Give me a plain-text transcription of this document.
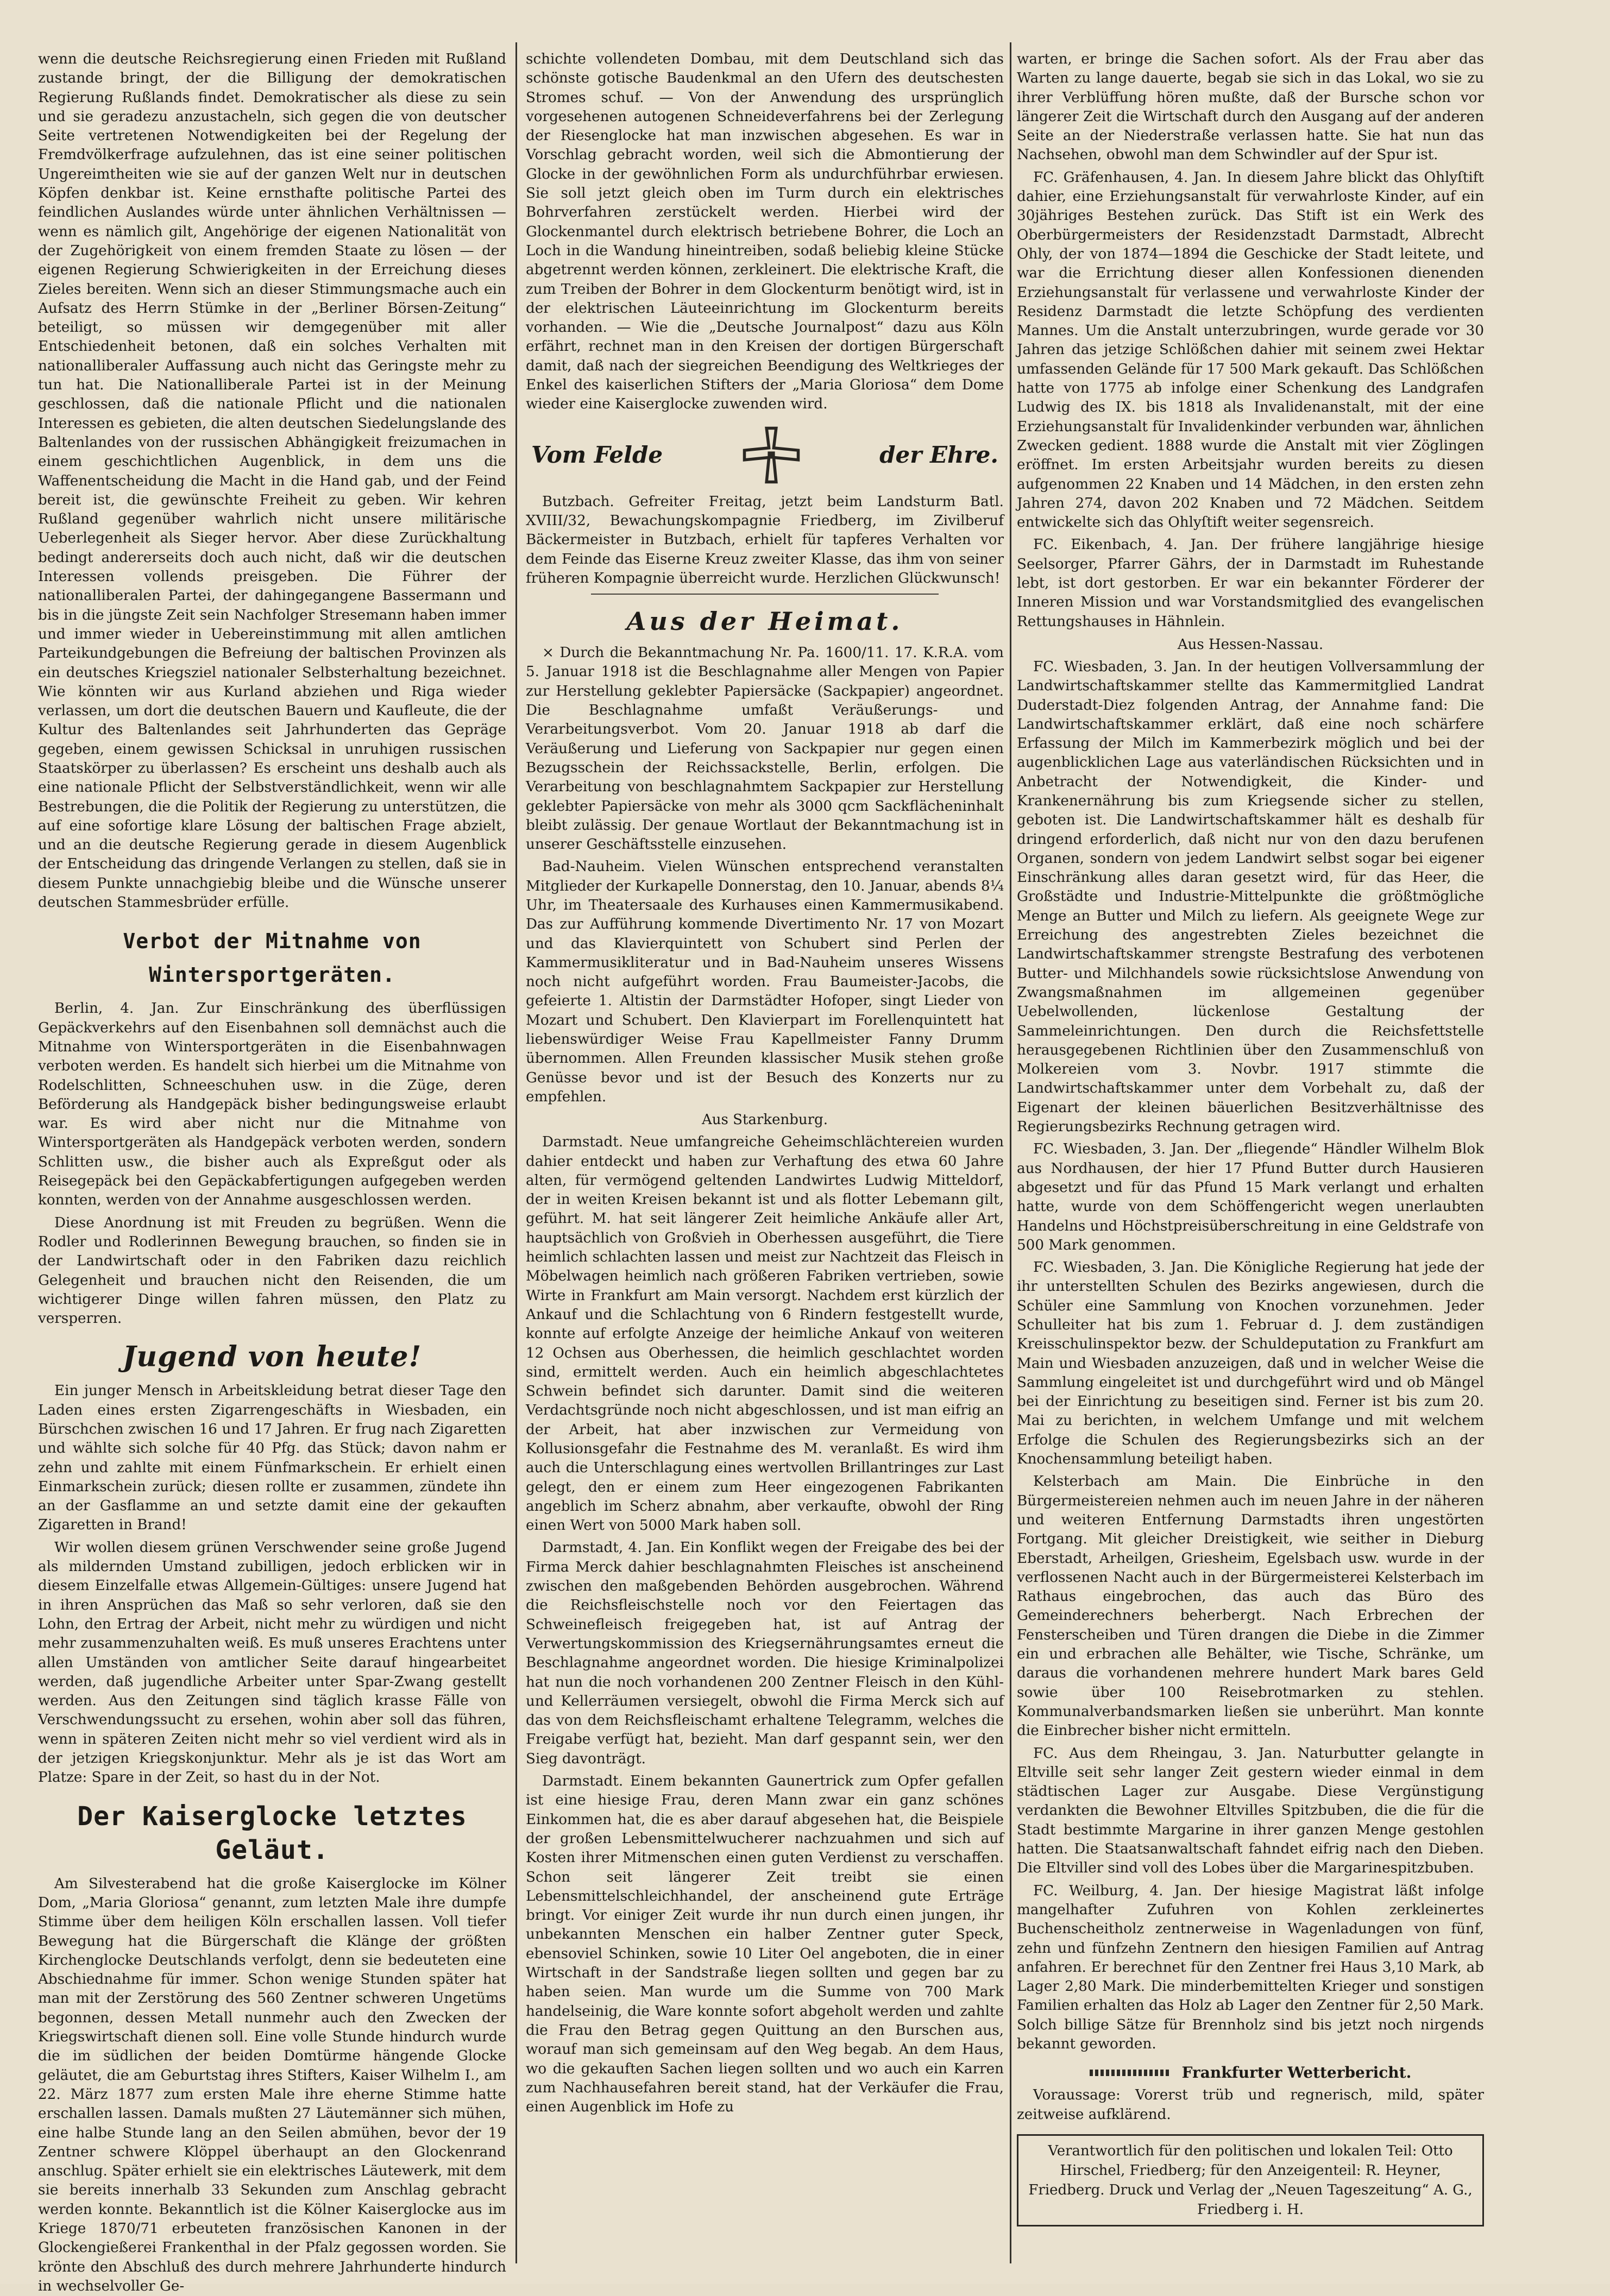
wenn die deutsche Reichsregierung einen Frieden mit Rußland zustande bringt, der die Billigung der demokratischen Regierung Rußlands findet. Demokratischer als diese zu sein und sie geradezu anzustacheln, sich gegen die von deutscher Seite vertretenen Notwendigkeiten bei der Regelung der Fremdvölkerfrage aufzulehnen, das ist eine seiner politischen Ungereimtheiten wie sie auf der ganzen Welt nur in deutschen Köpfen denkbar ist. Keine ernsthafte politische Partei des feindlichen Auslandes würde unter ähnlichen Verhältnissen — wenn es nämlich gilt, Angehörige der eigenen Nationalität von der Zugehörigkeit von einem fremden Staate zu lösen — der eigenen Regierung Schwierigkeiten in der Erreichung dieses Zieles bereiten. Wenn sich an dieser Stimmungsmache auch ein Aufsatz des Herrn Stümke in der „Berliner Börsen-Zeitung“ beteiligt, so müssen wir demgegenüber mit aller Entschiedenheit betonen, daß ein solches Verhalten mit nationalliberaler Auffassung auch nicht das Geringste mehr zu tun hat. Die Nationalliberale Partei ist in der Meinung geschlossen, daß die nationale Pflicht und die nationalen Interessen es gebieten, die alten deutschen Siedelungslande des Baltenlandes von der russischen Abhängigkeit freizumachen in einem geschichtlichen Augenblick, in dem uns die Waffenentscheidung die Macht in die Hand gab, und der Feind bereit ist, die gewünschte Freiheit zu geben. Wir kehren Rußland gegenüber wahrlich nicht unsere militärische Ueberlegenheit als Sieger hervor. Aber diese Zurückhaltung bedingt andererseits doch auch nicht, daß wir die deutschen Interessen vollends preisgeben. Die Führer der nationalliberalen Partei, der dahingegangene Bassermann und bis in die jüngste Zeit sein Nachfolger Stresemann haben immer und immer wieder in Uebereinstimmung mit allen amtlichen Parteikundgebungen die Befreiung der baltischen Provinzen als ein deutsches Kriegsziel nationaler Selbsterhaltung bezeichnet. Wie könnten wir aus Kurland abziehen und Riga wieder verlassen, um dort die deutschen Bauern und Kaufleute, die der Kultur des Baltenlandes seit Jahrhunderten das Gepräge gegeben, einem gewissen Schicksal in unruhigen russischen Staatskörper zu überlassen? Es erscheint uns deshalb auch als eine nationale Pflicht der Selbstverständlichkeit, wenn wir alle Bestrebungen, die die Politik der Regierung zu unterstützen, die auf eine sofortige klare Lösung der baltischen Frage abzielt, und an die deutsche Regierung gerade in diesem Augenblick der Entscheidung das dringende Verlangen zu stellen, daß sie in diesem Punkte unnachgiebig bleibe und die Wünsche unserer deutschen Stammesbrüder erfülle.

Verbot der Mitnahme von Wintersportgeräten.

Berlin, 4. Jan. Zur Einschränkung des überflüssigen Gepäckverkehrs auf den Eisenbahnen soll demnächst auch die Mitnahme von Wintersportgeräten in die Eisenbahnwagen verboten werden. Es handelt sich hierbei um die Mitnahme von Rodelschlitten, Schneeschuhen usw. in die Züge, deren Beförderung als Handgepäck bisher bedingungsweise erlaubt war. Es wird aber nicht nur die Mitnahme von Wintersportgeräten als Handgepäck verboten werden, sondern Schlitten usw., die bisher auch als Expreßgut oder als Reisegepäck bei den Gepäckabfertigungen aufgegeben werden konnten, werden von der Annahme ausgeschlossen werden.

Diese Anordnung ist mit Freuden zu begrüßen. Wenn die Rodler und Rodlerinnen Bewegung brauchen, so finden sie in der Landwirtschaft oder in den Fabriken dazu reichlich Gelegenheit und brauchen nicht den Reisenden, die um wichtigerer Dinge willen fahren müssen, den Platz zu versperren.

Jugend von heute!

Ein junger Mensch in Arbeitskleidung betrat dieser Tage den Laden eines ersten Zigarrengeschäfts in Wiesbaden, ein Bürschchen zwischen 16 und 17 Jahren. Er frug nach Zigaretten und wählte sich solche für 40 Pfg. das Stück; davon nahm er zehn und zahlte mit einem Fünfmarkschein. Er erhielt einen Einmarkschein zurück; diesen rollte er zusammen, zündete ihn an der Gasflamme an und setzte damit eine der gekauften Zigaretten in Brand!

Wir wollen diesem grünen Verschwender seine große Jugend als mildernden Umstand zubilligen, jedoch erblicken wir in diesem Einzelfalle etwas Allgemein-Gültiges: unsere Jugend hat in ihren Ansprüchen das Maß so sehr verloren, daß sie den Lohn, den Ertrag der Arbeit, nicht mehr zu würdigen und nicht mehr zusammenzuhalten weiß. Es muß unseres Erachtens unter allen Umständen von amtlicher Seite darauf hingearbeitet werden, daß jugendliche Arbeiter unter Spar-Zwang gestellt werden. Aus den Zeitungen sind täglich krasse Fälle von Verschwendungssucht zu ersehen, wohin aber soll das führen, wenn in späteren Zeiten nicht mehr so viel verdient wird als in der jetzigen Kriegskonjunktur. Mehr als je ist das Wort am Platze: Spare in der Zeit, so hast du in der Not.

Der Kaiserglocke letztes Geläut.

Am Silvesterabend hat die große Kaiserglocke im Kölner Dom, „Maria Gloriosa“ genannt, zum letzten Male ihre dumpfe Stimme über dem heiligen Köln erschallen lassen. Voll tiefer Bewegung hat die Bürgerschaft die Klänge der größten Kirchenglocke Deutschlands verfolgt, denn sie bedeuteten eine Abschiednahme für immer. Schon wenige Stunden später hat man mit der Zerstörung des 560 Zentner schweren Ungetüms begonnen, dessen Metall nunmehr auch den Zwecken der Kriegswirtschaft dienen soll. Eine volle Stunde hindurch wurde die im südlichen der beiden Domtürme hängende Glocke geläutet, die am Geburtstag ihres Stifters, Kaiser Wilhelm I., am 22. März 1877 zum ersten Male ihre eherne Stimme hatte erschallen lassen. Damals mußten 27 Läutemänner sich mühen, eine halbe Stunde lang an den Seilen abmühen, bevor der 19 Zentner schwere Klöppel überhaupt an den Glockenrand anschlug. Später erhielt sie ein elektrisches Läutewerk, mit dem sie bereits innerhalb 33 Sekunden zum Anschlag gebracht werden konnte. Bekanntlich ist die Kölner Kaiserglocke aus im Kriege 1870/71 erbeuteten französischen Kanonen in der Glockengießerei Frankenthal in der Pfalz gegossen worden. Sie krönte den Abschluß des durch mehrere Jahrhunderte hindurch in wechselvoller Ge-

schichte vollendeten Dombau, mit dem Deutschland sich das schönste gotische Baudenkmal an den Ufern des deutschesten Stromes schuf. — Von der Anwendung des ursprünglich vorgesehenen autogenen Schneideverfahrens bei der Zerlegung der Riesenglocke hat man inzwischen abgesehen. Es war in Vorschlag gebracht worden, weil sich die Abmontierung der Glocke in der gewöhnlichen Form als undurchführbar erwiesen. Sie soll jetzt gleich oben im Turm durch ein elektrisches Bohrverfahren zerstückelt werden. Hierbei wird der Glockenmantel durch elektrisch betriebene Bohrer, die Loch an Loch in die Wandung hineintreiben, sodaß beliebig kleine Stücke abgetrennt werden können, zerkleinert. Die elektrische Kraft, die zum Treiben der Bohrer in dem Glockenturm benötigt wird, ist in der elektrischen Läuteeinrichtung im Glockenturm bereits vorhanden. — Wie die „Deutsche Journalpost“ dazu aus Köln erfährt, rechnet man in den Kreisen der dortigen Bürgerschaft damit, daß nach der siegreichen Beendigung des Weltkrieges der Enkel des kaiserlichen Stifters der „Maria Gloriosa“ dem Dome wieder eine Kaiserglocke zuwenden wird.

Vom Felde	der Ehre.

Butzbach. Gefreiter Freitag, jetzt beim Landsturm Batl. XVIII/32, Bewachungskompagnie Friedberg, im Zivilberuf Bäckermeister in Butzbach, erhielt für tapferes Verhalten vor dem Feinde das Eiserne Kreuz zweiter Klasse, das ihm von seiner früheren Kompagnie überreicht wurde. Herzlichen Glückwunsch!

Aus der Heimat.

× Durch die Bekanntmachung Nr. Pa. 1600/11. 17. K.R.A. vom 5. Januar 1918 ist die Beschlagnahme aller Mengen von Papier zur Herstellung geklebter Papiersäcke (Sackpapier) angeordnet. Die Beschlagnahme umfaßt Veräußerungs- und Verarbeitungsverbot. Vom 20. Januar 1918 ab darf die Veräußerung und Lieferung von Sackpapier nur gegen einen Bezugsschein der Reichssackstelle, Berlin, erfolgen. Die Verarbeitung von beschlagnahmtem Sackpapier zur Herstellung geklebter Papiersäcke von mehr als 3000 qcm Sackflächeninhalt bleibt zulässig. Der genaue Wortlaut der Bekanntmachung ist in unserer Geschäftsstelle einzusehen.

Bad-Nauheim. Vielen Wünschen entsprechend veranstalten Mitglieder der Kurkapelle Donnerstag, den 10. Januar, abends 8¼ Uhr, im Theatersaale des Kurhauses einen Kammermusikabend. Das zur Aufführung kommende Divertimento Nr. 17 von Mozart und das Klavierquintett von Schubert sind Perlen der Kammermusikliteratur und in Bad-Nauheim unseres Wissens noch nicht aufgeführt worden. Frau Baumeister-Jacobs, die gefeierte 1. Altistin der Darmstädter Hofoper, singt Lieder von Mozart und Schubert. Den Klavierpart im Forellenquintett hat liebenswürdiger Weise Frau Kapellmeister Fanny Drumm übernommen. Allen Freunden klassischer Musik stehen große Genüsse bevor und ist der Besuch des Konzerts nur zu empfehlen.

Aus Starkenburg.

Darmstadt. Neue umfangreiche Geheimschlächtereien wurden dahier entdeckt und haben zur Verhaftung des etwa 60 Jahre alten, für vermögend geltenden Landwirtes Ludwig Mitteldorf, der in weiten Kreisen bekannt ist und als flotter Lebemann gilt, geführt. M. hat seit längerer Zeit heimliche Ankäufe aller Art, hauptsächlich von Großvieh in Oberhessen ausgeführt, die Tiere heimlich schlachten lassen und meist zur Nachtzeit das Fleisch in Möbelwagen heimlich nach größeren Fabriken vertrieben, sowie Wirte in Frankfurt am Main versorgt. Nachdem erst kürzlich der Ankauf und die Schlachtung von 6 Rindern festgestellt wurde, konnte auf erfolgte Anzeige der heimliche Ankauf von weiteren 12 Ochsen aus Oberhessen, die heimlich geschlachtet worden sind, ermittelt werden. Auch ein heimlich abgeschlachtetes Schwein befindet sich darunter. Damit sind die weiteren Verdachtsgründe noch nicht abgeschlossen, und ist man eifrig an der Arbeit, hat aber inzwischen zur Vermeidung von Kollusionsgefahr die Festnahme des M. veranlaßt. Es wird ihm auch die Unterschlagung eines wertvollen Brillantringes zur Last gelegt, den er einem zum Heer eingezogenen Fabrikanten angeblich im Scherz abnahm, aber verkaufte, obwohl der Ring einen Wert von 5000 Mark haben soll.

Darmstadt, 4. Jan. Ein Konflikt wegen der Freigabe des bei der Firma Merck dahier beschlagnahmten Fleisches ist anscheinend zwischen den maßgebenden Behörden ausgebrochen. Während die Reichsfleischstelle noch vor den Feiertagen das Schweinefleisch freigegeben hat, ist auf Antrag der Verwertungskommission des Kriegsernährungsamtes erneut die Beschlagnahme angeordnet worden. Die hiesige Kriminalpolizei hat nun die noch vorhandenen 200 Zentner Fleisch in den Kühl- und Kellerräumen versiegelt, obwohl die Firma Merck sich auf das von dem Reichsfleischamt erhaltene Telegramm, welches die Freigabe verfügt hat, bezieht. Man darf gespannt sein, wer den Sieg davonträgt.

Darmstadt. Einem bekannten Gaunertrick zum Opfer gefallen ist eine hiesige Frau, deren Mann zwar ein ganz schönes Einkommen hat, die es aber darauf abgesehen hat, die Beispiele der großen Lebensmittelwucherer nachzuahmen und sich auf Kosten ihrer Mitmenschen einen guten Verdienst zu verschaffen. Schon seit längerer Zeit treibt sie einen Lebensmittelschleichhandel, der anscheinend gute Erträge bringt. Vor einiger Zeit wurde ihr nun durch einen jungen, ihr unbekannten Menschen ein halber Zentner guter Speck, ebensoviel Schinken, sowie 10 Liter Oel angeboten, die in einer Wirtschaft in der Sandstraße liegen sollten und gegen bar zu haben seien. Man wurde um die Summe von 700 Mark handelseinig, die Ware konnte sofort abgeholt werden und zahlte die Frau den Betrag gegen Quittung an den Burschen aus, worauf man sich gemeinsam auf den Weg begab. An dem Haus, wo die gekauften Sachen liegen sollten und wo auch ein Karren zum Nachhausefahren bereit stand, hat der Verkäufer die Frau, einen Augenblick im Hofe zu

warten, er bringe die Sachen sofort. Als der Frau aber das Warten zu lange dauerte, begab sie sich in das Lokal, wo sie zu ihrer Verblüffung hören mußte, daß der Bursche schon vor längerer Zeit die Wirtschaft durch den Ausgang auf der anderen Seite an der Niederstraße verlassen hatte. Sie hat nun das Nachsehen, obwohl man dem Schwindler auf der Spur ist.

FC. Gräfenhausen, 4. Jan. In diesem Jahre blickt das Ohlyſtift dahier, eine Erziehungsanstalt für verwahrloste Kinder, auf ein 30jähriges Bestehen zurück. Das Stift ist ein Werk des Oberbürgermeisters der Residenzstadt Darmstadt, Albrecht Ohly, der von 1874—1894 die Geschicke der Stadt leitete, und war die Errichtung dieser allen Konfessionen dienenden Erziehungsanstalt für verlassene und verwahrloste Kinder der Residenz Darmstadt die letzte Schöpfung des verdienten Mannes. Um die Anstalt unterzubringen, wurde gerade vor 30 Jahren das jetzige Schlößchen dahier mit seinem zwei Hektar umfassenden Gelände für 17 500 Mark gekauft. Das Schlößchen hatte von 1775 ab infolge einer Schenkung des Landgrafen Ludwig des IX. bis 1818 als Invalidenanstalt, mit der eine Erziehungsanstalt für Invalidenkinder verbunden war, ähnlichen Zwecken gedient. 1888 wurde die Anstalt mit vier Zöglingen eröffnet. Im ersten Arbeitsjahr wurden bereits zu diesen aufgenommen 22 Knaben und 14 Mädchen, in den ersten zehn Jahren 274, davon 202 Knaben und 72 Mädchen. Seitdem entwickelte sich das Ohlyſtift weiter segensreich.

FC. Eikenbach, 4. Jan. Der frühere langjährige hiesige Seelsorger, Pfarrer Gährs, der in Darmstadt im Ruhestande lebt, ist dort gestorben. Er war ein bekannter Förderer der Inneren Mission und war Vorstandsmitglied des evangelischen Rettungshauses in Hähnlein.

Aus Hessen-Nassau.

FC. Wiesbaden, 3. Jan. In der heutigen Vollversammlung der Landwirtschaftskammer stellte das Kammermitglied Landrat Duderstadt-Diez folgenden Antrag, der Annahme fand: Die Landwirtschaftskammer erklärt, daß eine noch schärfere Erfassung der Milch im Kammerbezirk möglich und bei der augenblicklichen Lage aus vaterländischen Rücksichten und in Anbetracht der Notwendigkeit, die Kinder- und Krankenernährung bis zum Kriegsende sicher zu stellen, geboten ist. Die Landwirtschaftskammer hält es deshalb für dringend erforderlich, daß nicht nur von den dazu berufenen Organen, sondern von jedem Landwirt selbst sogar bei eigener Einschränkung alles daran gesetzt wird, für das Heer, die Großstädte und Industrie-Mittelpunkte die größtmögliche Menge an Butter und Milch zu liefern. Als geeignete Wege zur Erreichung des angestrebten Zieles bezeichnet die Landwirtschaftskammer strengste Bestrafung des verbotenen Butter- und Milchhandels sowie rücksichtslose Anwendung von Zwangsmaßnahmen im allgemeinen gegenüber Uebelwollenden, lückenlose Gestaltung der Sammeleinrichtungen. Den durch die Reichsfettstelle herausgegebenen Richtlinien über den Zusammenschluß von Molkereien vom 3. Novbr. 1917 stimmte die Landwirtschaftskammer unter dem Vorbehalt zu, daß der Eigenart der kleinen bäuerlichen Besitzverhältnisse des Regierungsbezirks Rechnung getragen wird.

FC. Wiesbaden, 3. Jan. Der „fliegende“ Händler Wilhelm Blok aus Nordhausen, der hier 17 Pfund Butter durch Hausieren abgesetzt und für das Pfund 15 Mark verlangt und erhalten hatte, wurde von dem Schöffengericht wegen unerlaubten Handelns und Höchstpreisüberschreitung in eine Geldstrafe von 500 Mark genommen.

FC. Wiesbaden, 3. Jan. Die Königliche Regierung hat jede der ihr unterstellten Schulen des Bezirks angewiesen, durch die Schüler eine Sammlung von Knochen vorzunehmen. Jeder Schulleiter hat bis zum 1. Februar d. J. dem zuständigen Kreisschulinspektor bezw. der Schuldeputation zu Frankfurt am Main und Wiesbaden anzuzeigen, daß und in welcher Weise die Sammlung eingeleitet ist und durchgeführt wird und ob Mängel bei der Einrichtung zu beseitigen sind. Ferner ist bis zum 20. Mai zu berichten, in welchem Umfange und mit welchem Erfolge die Schulen des Regierungsbezirks sich an der Knochensammlung beteiligt haben.

Kelsterbach am Main. Die Einbrüche in den Bürgermeistereien nehmen auch im neuen Jahre in der näheren und weiteren Entfernung Darmstadts ihren ungestörten Fortgang. Mit gleicher Dreistigkeit, wie seither in Dieburg Eberstadt, Arheilgen, Griesheim, Egelsbach usw. wurde in der verflossenen Nacht auch in der Bürgermeisterei Kelsterbach im Rathaus eingebrochen, das auch das Büro des Gemeinderechners beherbergt. Nach Erbrechen der Fensterscheiben und Türen drangen die Diebe in die Zimmer ein und erbrachen alle Behälter, wie Tische, Schränke, um daraus die vorhandenen mehrere hundert Mark bares Geld sowie über 100 Reisebrotmarken zu stehlen. Kommunalverbandsmarken ließen sie unberührt. Man konnte die Einbrecher bisher nicht ermitteln.

FC. Aus dem Rheingau, 3. Jan. Naturbutter gelangte in Eltville seit sehr langer Zeit gestern wieder einmal in dem städtischen Lager zur Ausgabe. Diese Vergünstigung verdankten die Bewohner Eltvilles Spitzbuben, die die für die Stadt bestimmte Margarine in ihrer ganzen Menge gestohlen hatten. Die Staatsanwaltschaft fahndet eifrig nach den Dieben. Die Eltviller sind voll des Lobes über die Margarinespitzbuben.

FC. Weilburg, 4. Jan. Der hiesige Magistrat läßt infolge mangelhafter Zufuhren von Kohlen zerkleinertes Buchenscheitholz zentnerweise in Wagenladungen von fünf, zehn und fünfzehn Zentnern den hiesigen Familien auf Antrag anfahren. Er berechnet für den Zentner frei Haus 3,10 Mark, ab Lager 2,80 Mark. Die minderbemittelten Krieger und sonstigen Familien erhalten das Holz ab Lager den Zentner für 2,50 Mark. Solch billige Sätze für Brennholz sind bis jetzt noch nirgends bekannt geworden.

Frankfurter Wetterbericht.

Voraussage: Vorerst trüb und regnerisch, mild, später zeitweise aufklärend.

Verantwortlich für den politischen und lokalen Teil: Otto Hirschel, Friedberg; für den Anzeigenteil: R. Heyner, Friedberg. Druck und Verlag der „Neuen Tageszeitung“ A. G., Friedberg i. H.
